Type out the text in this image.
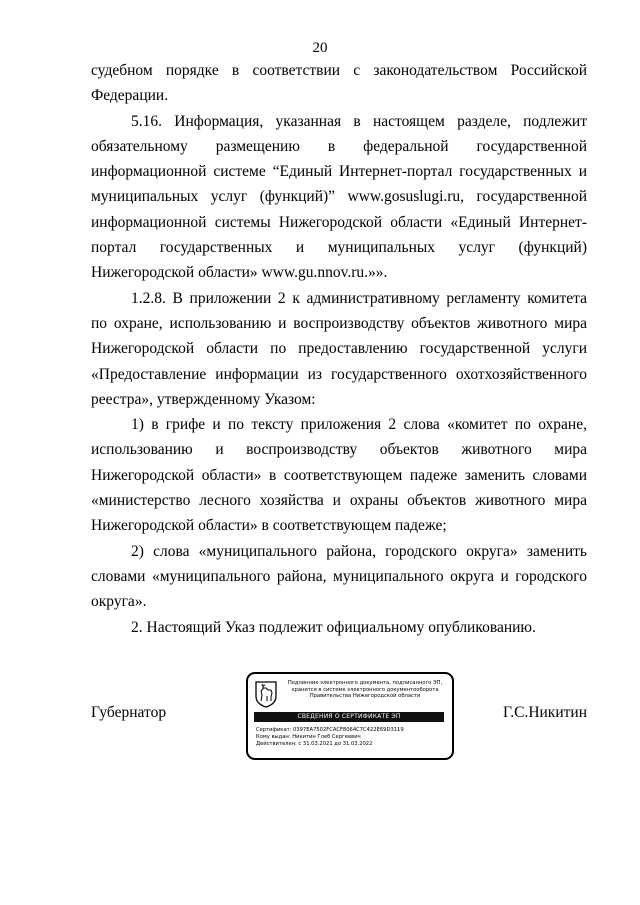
20

судебном порядке в соответствии с законодательством Российской Федерации.

5.16. Информация, указанная в настоящем разделе, подлежит обязательному размещению в федеральной государственной информационной системе “Единый Интернет-портал государственных и муниципальных услуг (функций)” www.gosuslugi.ru, государственной информационной системы Нижегородской области «Единый Интернет-портал государственных и муниципальных услуг (функций) Нижегородской области» www.gu.nnov.ru.»».

1.2.8. В приложении 2 к административному регламенту комитета по охране, использованию и воспроизводству объектов животного мира Нижегородской области по предоставлению государственной услуги «Предоставление информации из государственного охотхозяйственного реестра», утвержденному Указом:

1) в грифе и по тексту приложения 2 слова «комитет по охране, использованию и воспроизводству объектов животного мира Нижегородской области» в соответствующем падеже заменить словами «министерство лесного хозяйства и охраны объектов животного мира Нижегородской области» в соответствующем падеже;

2) слова «муниципального района, городского округа» заменить словами «муниципального района, муниципального округа и городского округа».

2. Настоящий Указ подлежит официальному опубликованию.

Губернатор
Подлинник электронного документа, подписанного ЭП,
хранится в системе электронного документооборота
Правительства Нижегородской области
СВЕДЕНИЯ О СЕРТИФИКАТЕ ЭП
Сертификат: 0397EA7502FCACF8064C7C422E69D3119
Кому выдан: Никитин Глеб Сергеевич
Действителен: с 31.03.2021 до 31.03.2022
Г.С.Никитин
